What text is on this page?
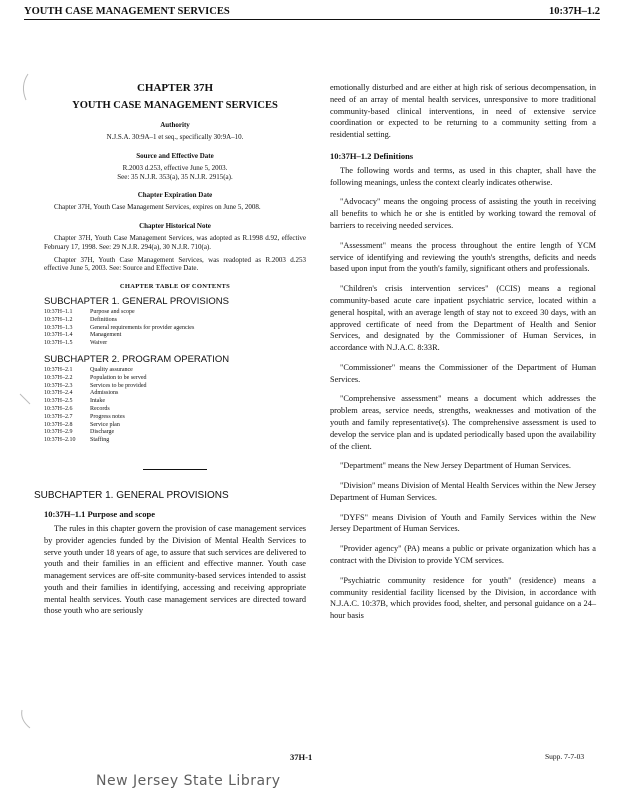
YOUTH CASE MANAGEMENT SERVICES	10:37H–1.2

CHAPTER 37H

YOUTH CASE MANAGEMENT SERVICES

Authority

N.J.S.A. 30:9A–1 et seq., specifically 30:9A–10.

Source and Effective Date

R.2003 d.253, effective June 5, 2003.

See: 35 N.J.R. 353(a), 35 N.J.R. 2915(a).

Chapter Expiration Date

Chapter 37H, Youth Case Management Services, expires on June 5, 2008.

Chapter Historical Note

Chapter 37H, Youth Case Management Services, was adopted as R.1998 d.92, effective February 17, 1998. See: 29 N.J.R. 294(a), 30 N.J.R. 710(a).

Chapter 37H, Youth Case Management Services, was readopted as R.2003 d.253 effective June 5, 2003. See: Source and Effective Date.

CHAPTER TABLE OF CONTENTS

SUBCHAPTER 1. GENERAL PROVISIONS

10:37H–1.1	Purpose and scope
10:37H–1.2	Definitions
10:37H–1.3	General requirements for provider agencies
10:37H–1.4	Management
10:37H–1.5	Waiver

SUBCHAPTER 2. PROGRAM OPERATION

10:37H–2.1	Quality assurance
10:37H–2.2	Population to be served
10:37H–2.3	Services to be provided
10:37H–2.4	Admissions
10:37H–2.5	Intake
10:37H–2.6	Records
10:37H–2.7	Progress notes
10:37H–2.8	Service plan
10:37H–2.9	Discharge
10:37H–2.10	Staffing

SUBCHAPTER 1. GENERAL PROVISIONS

10:37H–1.1 Purpose and scope

The rules in this chapter govern the provision of case management services by provider agencies funded by the Division of Mental Health Services to serve youth under 18 years of age, to assure that such services are delivered to youth and their families in an efficient and effective manner. Youth case management services are off-site community-based services intended to assist youth and their families in identifying, accessing and receiving appropriate mental health services. Youth case management services are directed toward those youth who are seriously

emotionally disturbed and are either at high risk of serious decompensation, in need of an array of mental health services, unresponsive to more traditional community-based clinical interventions, in need of extensive service coordination or expected to be returning to a community setting from a residential setting.

10:37H–1.2 Definitions

The following words and terms, as used in this chapter, shall have the following meanings, unless the context clearly indicates otherwise.

"Advocacy" means the ongoing process of assisting the youth in receiving all benefits to which he or she is entitled by working toward the removal of barriers to receiving needed services.

"Assessment" means the process throughout the entire length of YCM service of identifying and reviewing the youth's strengths, deficits and needs based upon input from the youth's family, significant others and professionals.

"Children's crisis intervention services" (CCIS) means a regional community-based acute care inpatient psychiatric service, located within a general hospital, with an average length of stay not to exceed 30 days, with an approved certificate of need from the Department of Health and Senior Services, and designated by the Commissioner of Human Services, in accordance with N.J.A.C. 8:33R.

"Commissioner" means the Commissioner of the Department of Human Services.

"Comprehensive assessment" means a document which addresses the problem areas, service needs, strengths, weaknesses and motivation of the youth and family representative(s). The comprehensive assessment is used to develop the service plan and is updated periodically based upon the availability of the client.

"Department" means the New Jersey Department of Human Services.

"Division" means Division of Mental Health Services within the New Jersey Department of Human Services.

"DYFS" means Division of Youth and Family Services within the New Jersey Department of Human Services.

"Provider agency" (PA) means a public or private organization which has a contract with the Division to provide YCM services.

"Psychiatric community residence for youth" (residence) means a community residential facility licensed by the Division, in accordance with N.J.A.C. 10:37B, which provides food, shelter, and personal guidance on a 24–hour basis

37H-1	Supp. 7-7-03
New Jersey State Library
